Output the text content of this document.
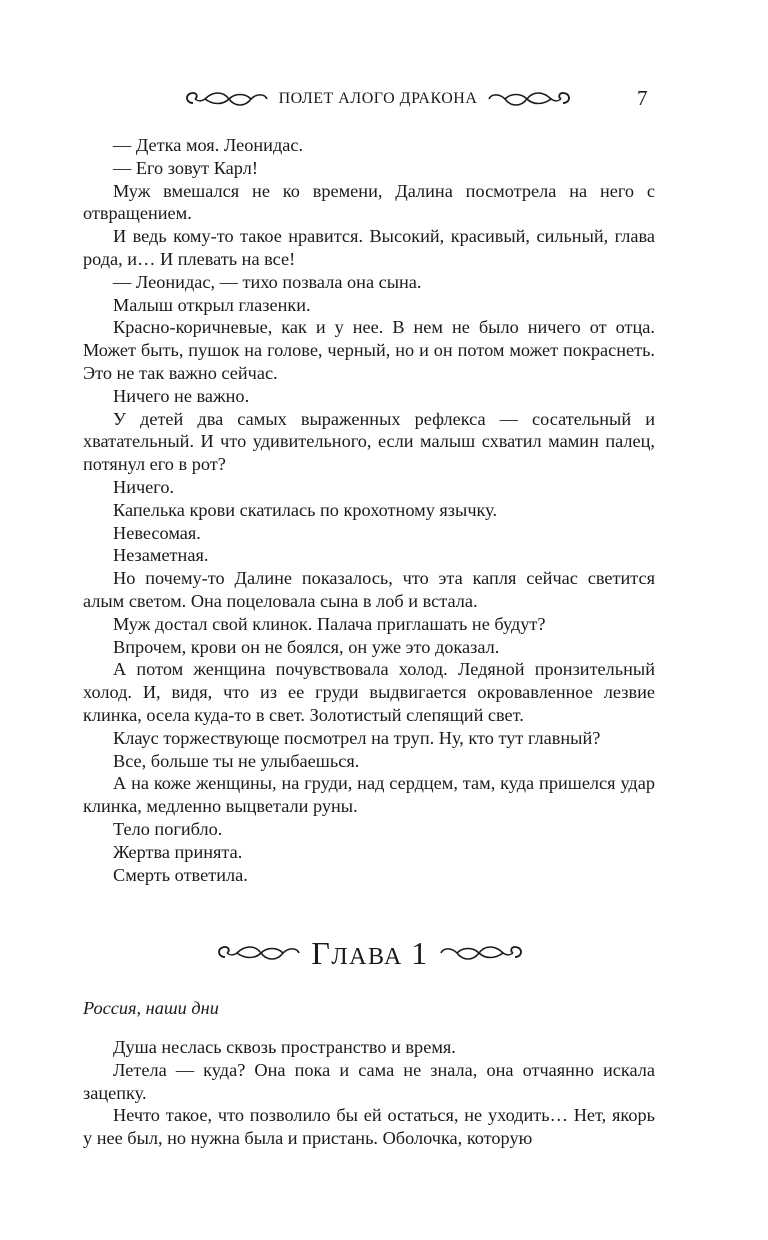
ПОЛЕТ АЛОГО ДРАКОНА	7

— Детка моя. Леонидас.

— Его зовут Карл!

Муж вмешался не ко времени, Далина посмотрела на него с отвращением.

И ведь кому-то такое нравится. Высокий, красивый, сильный, глава рода, и… И плевать на все!

— Леонидас, — тихо позвала она сына.

Малыш открыл глазенки.

Красно-коричневые, как и у нее. В нем не было ничего от отца. Может быть, пушок на голове, черный, но и он потом может покраснеть. Это не так важно сейчас.

Ничего не важно.

У детей два самых выраженных рефлекса — сосательный и хватательный. И что удивительного, если малыш схватил мамин палец, потянул его в рот?

Ничего.

Капелька крови скатилась по крохотному язычку.

Невесомая.

Незаметная.

Но почему-то Далине показалось, что эта капля сейчас светится алым светом. Она поцеловала сына в лоб и встала.

Муж достал свой клинок. Палача приглашать не будут?

Впрочем, крови он не боялся, он уже это доказал.

А потом женщина почувствовала холод. Ледяной пронзительный холод. И, видя, что из ее груди выдвигается окровавленное лезвие клинка, осела куда-то в свет. Золотистый слепящий свет.

Клаус торжествующе посмотрел на труп. Ну, кто тут главный?

Все, больше ты не улыбаешься.

А на коже женщины, на груди, над сердцем, там, куда пришелся удар клинка, медленно выцветали руны.

Тело погибло.

Жертва принята.

Смерть ответила.

ГЛАВА 1
Россия, наши дни

Душа неслась сквозь пространство и время.

Летела — куда? Она пока и сама не знала, она отчаянно искала зацепку.

Нечто такое, что позволило бы ей остаться, не уходить… Нет, якорь у нее был, но нужна была и пристань. Оболочка, которую
